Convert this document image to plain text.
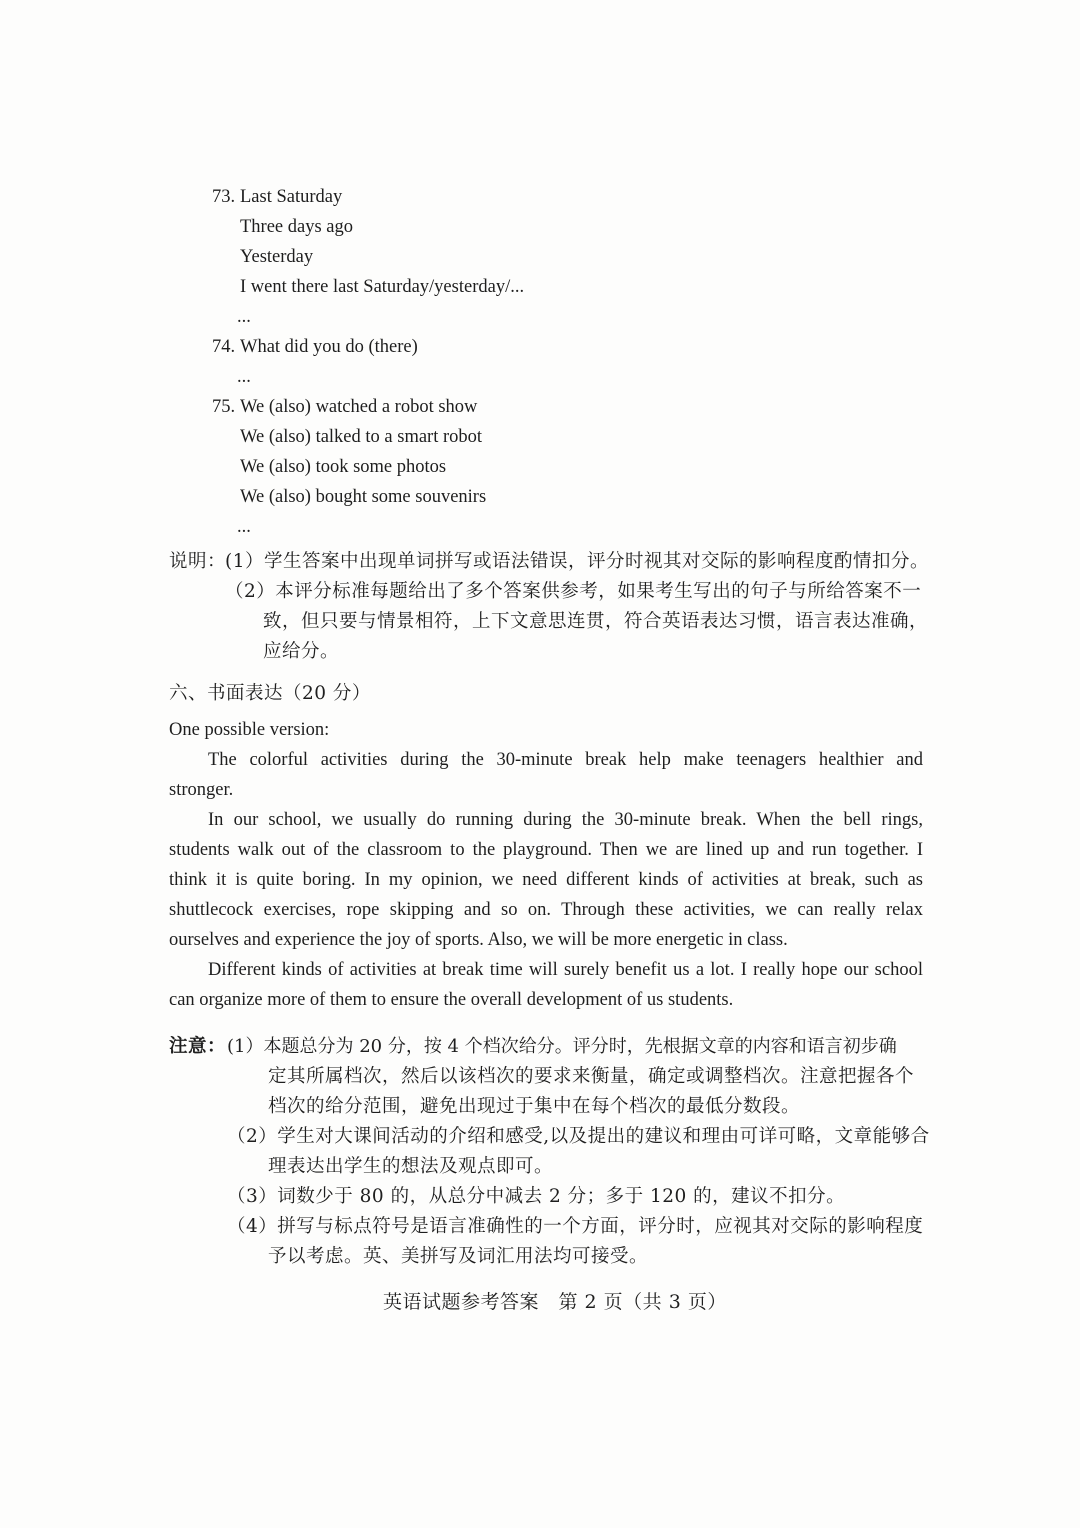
73. Last Saturday
Three days ago
Yesterday
I went there last Saturday/yesterday/...
...
74. What did you do (there)
...
75. We (also) watched a robot show
We (also) talked to a smart robot
We (also) took some photos
We (also) bought some souvenirs
...
说明：
(1）学生答案中出现单词拼写或语法错误，评分时视其对交际的影响程度酌情扣分。
（2）本评分标准每题给出了多个答案供参考，如果考生写出的句子与所给答案不一
致，但只要与情景相符，上下文意思连贯，符合英语表达习惯，语言表达准确，
应给分。
六、书面表达（20 分）
One possible version:
The colorful activities during the 30-minute break help make teenagers healthier and
stronger.
In our school, we usually do running during the 30-minute break. When the bell rings,
students walk out of the classroom to the playground. Then we are lined up and run together. I
think it is quite boring. In my opinion, we need different kinds of activities at break, such as
shuttlecock exercises, rope skipping and so on. Through these activities, we can really relax
ourselves and experience the joy of sports. Also, we will be more energetic in class.
Different kinds of activities at break time will surely benefit us a lot. I really hope our school
can organize more of them to ensure the overall development of us students.
注意： (1）本题总分为 20 分，按 4 个档次给分。评分时，先根据文章的内容和语言初步确
定其所属档次，然后以该档次的要求来衡量，确定或调整档次。注意把握各个
档次的给分范围，避免出现过于集中在每个档次的最低分数段。
（2）学生对大课间活动的介绍和感受,以及提出的建议和理由可详可略，文章能够合
理表达出学生的想法及观点即可。
（3）词数少于 80 的，从总分中减去 2 分；多于 120 的，建议不扣分。
（4）拼写与标点符号是语言准确性的一个方面，评分时，应视其对交际的影响程度
予以考虑。英、美拼写及词汇用法均可接受。
英语试题参考答案　第 2 页（共 3 页）
